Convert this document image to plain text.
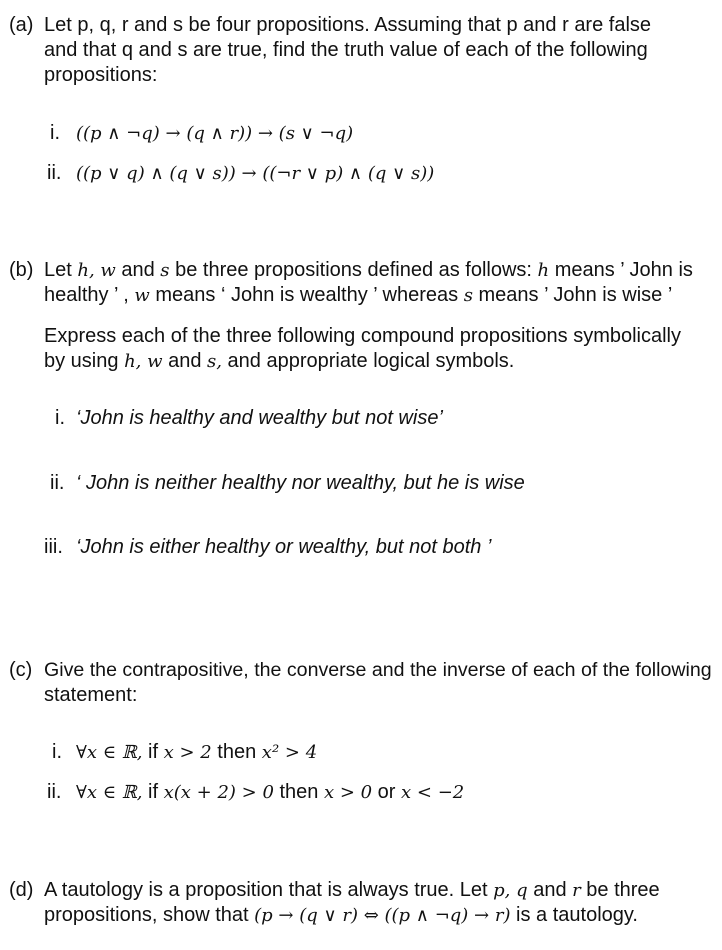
(a) Let p, q, r and s be four propositions. Assuming that p and r are false
and that q and s are true, find the truth value of each of the following
propositions:
i. ((p ∧ ¬q) → (q ∧ r)) → (s ∨ ¬q)
ii. ((p ∨ q) ∧ (q ∨ s)) → ((¬r ∨ p) ∧ (q ∨ s))
(b) Let h, w and s be three propositions defined as follows: h means ’ John is
healthy ’ , w means ‘ John is wealthy ’ whereas s means ’ John is wise ’
Express each of the three following compound propositions symbolically
by using h, w and s, and appropriate logical symbols.
i. ‘John is healthy and wealthy but not wise’
ii. ‘ John is neither healthy nor wealthy, but he is wise
iii. ‘John is either healthy or wealthy, but not both ’
(c) Give the contrapositive, the converse and the inverse of each of the following
statement:
i. ∀x ∈ ℝ, if x > 2 then x² > 4
ii. ∀x ∈ ℝ, if x(x + 2) > 0 then x > 0 or x < −2
(d) A tautology is a proposition that is always true. Let p, q and r be three
propositions, show that (p → (q ∨ r) ⇔ ((p ∧ ¬q) → r) is a tautology.
